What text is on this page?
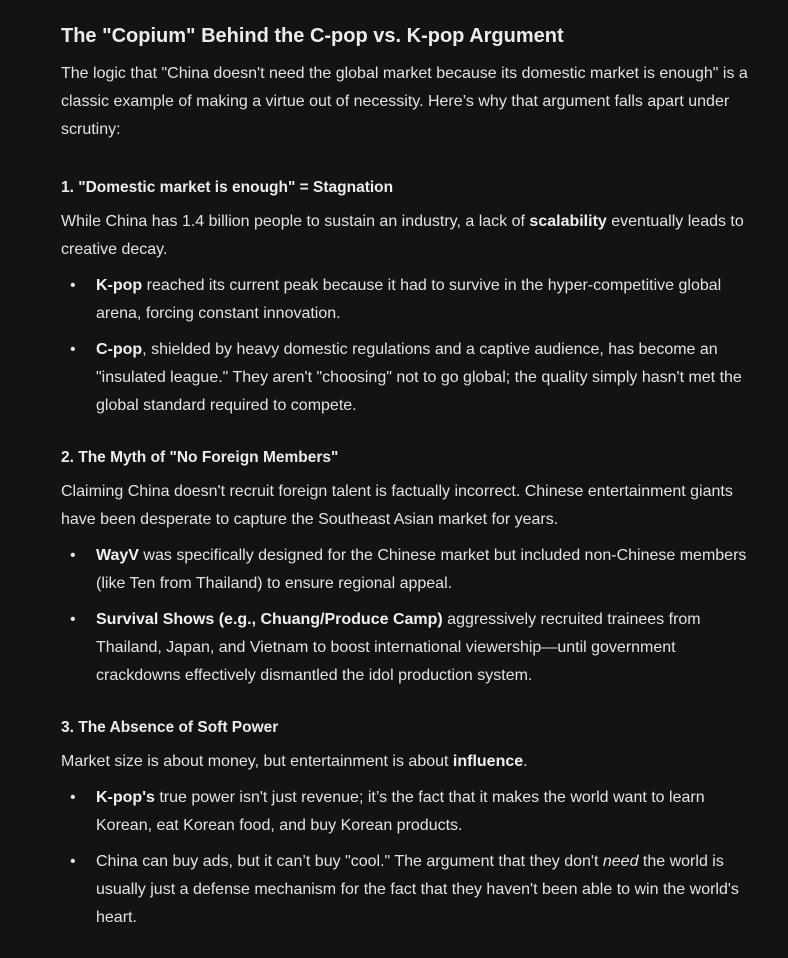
The "Copium" Behind the C-pop vs. K-pop Argument

The logic that "China doesn't need the global market because its domestic market is enough" is a classic example of making a virtue out of necessity. Here’s why that argument falls apart under scrutiny:

1. "Domestic market is enough" = Stagnation

While China has 1.4 billion people to sustain an industry, a lack of scalability eventually leads to creative decay.

• K-pop reached its current peak because it had to survive in the hyper-competitive global arena, forcing constant innovation.
• C-pop, shielded by heavy domestic regulations and a captive audience, has become an "insulated league." They aren't "choosing" not to go global; the quality simply hasn't met the global standard required to compete.
2. The Myth of "No Foreign Members"

Claiming China doesn't recruit foreign talent is factually incorrect. Chinese entertainment giants have been desperate to capture the Southeast Asian market for years.

• WayV was specifically designed for the Chinese market but included non-Chinese members (like Ten from Thailand) to ensure regional appeal.
• Survival Shows (e.g., Chuang/Produce Camp) aggressively recruited trainees from Thailand, Japan, and Vietnam to boost international viewership—until government crackdowns effectively dismantled the idol production system.
3. The Absence of Soft Power

Market size is about money, but entertainment is about influence.

• K-pop's true power isn't just revenue; it’s the fact that it makes the world want to learn Korean, eat Korean food, and buy Korean products.
• China can buy ads, but it can’t buy "cool." The argument that they don't need the world is usually just a defense mechanism for the fact that they haven't been able to win the world's heart.
